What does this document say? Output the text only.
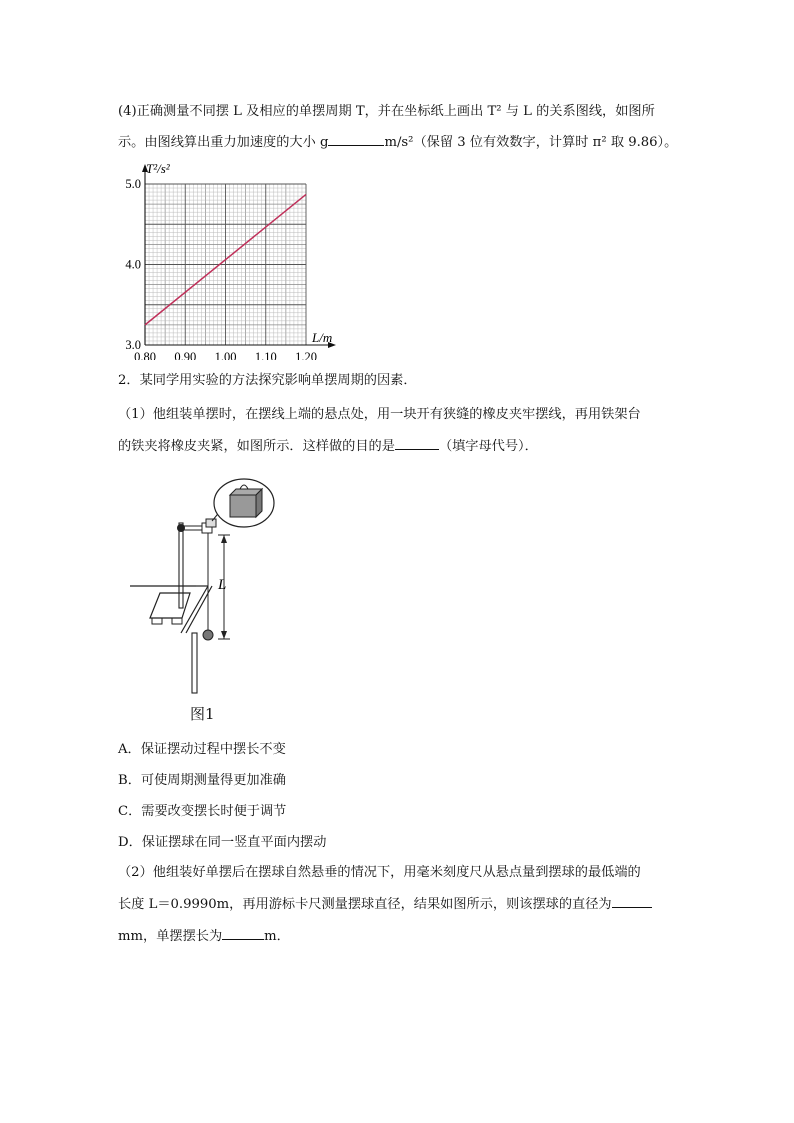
(4)正确测量不同摆 L 及相应的单摆周期 T，并在坐标纸上画出 T² 与 L 的关系图线，如图所
示。由图线算出重力加速度的大小 g	m/s²（保留 3 位有效数字，计算时 π² 取 9.86）。
0.80 0.90 1.00 1.10 1.20
3.0
4.0
5.0
T²/s²
L/m
2．某同学用实验的方法探究影响单摆周期的因素．
（1）他组装单摆时，在摆线上端的悬点处，用一块开有狭缝的橡皮夹牢摆线，再用铁架台
的铁夹将橡皮夹紧，如图所示．这样做的目的是	（填字母代号）．
L
图1
A．保证摆动过程中摆长不变
B．可使周期测量得更加准确
C．需要改变摆长时便于调节
D．保证摆球在同一竖直平面内摆动
（2）他组装好单摆后在摆球自然悬垂的情况下，用毫米刻度尺从悬点量到摆球的最低端的
长度 L＝0.9990m，再用游标卡尺测量摆球直径，结果如图所示，则该摆球的直径为
mm，单摆摆长为	m．
